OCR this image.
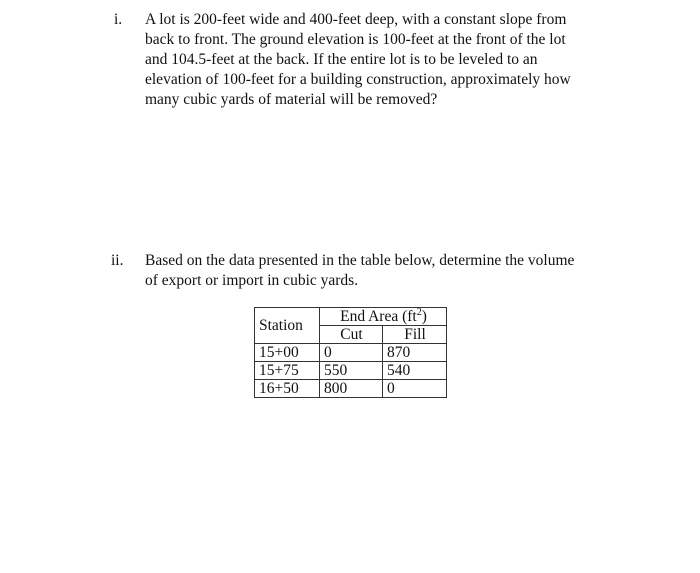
i. A lot is 200-feet wide and 400-feet deep, with a constant slope from
back to front. The ground elevation is 100-feet at the front of the lot
and 104.5-feet at the back. If the entire lot is to be leveled to an
elevation of 100-feet for a building construction, approximately how
many cubic yards of material will be removed?
ii. Based on the data presented in the table below, determine the volume
of export or import in cubic yards.
Station	End Area $(ft^2)$	
	Cut	Fill
15+00	0	870
15+75	550	540
16+50	800	0
